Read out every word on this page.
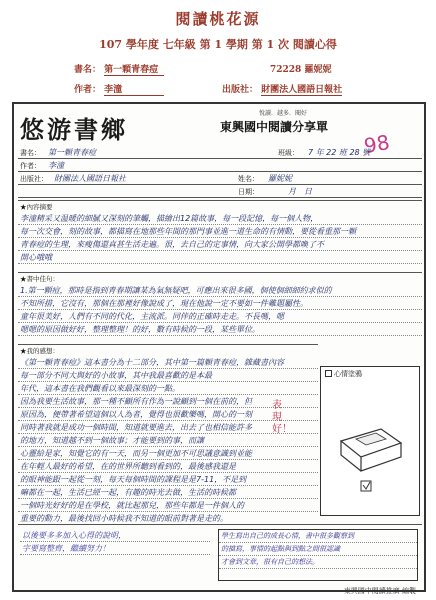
閱讀桃花源
107 學年度 七年級 第 1 學期 第 1 次 閱讀心得
書名： 第一顆青春痘	72228 羅妮妮
作者： 李潼	出版社： 財團法人國語日報社
悠游書鄉
悅讀．越多．閱好
東興國中閱讀分享單
98
書名： 第一顆青春痘	班級： 7 年 22 班 28 號
作者： 李潼
出版社： 財團法人國語日報社	姓名： 羅妮妮
日期：	月　日
★內容摘要
李潼精采又温暖的細膩又深刻的筆觸，描繪出12篇故事，每一段記憶，每一個人物，
每一次交會，刻的故事，都描寫在地那些年間的那門事並進一道生命的有情動，要從看重那一顆
青春痘的生理，來瘦傷還真甚生活走遍。很，去自己的定事情，向大家公開學都喚了不
開心哦哦
★書中佳句：
1.第一顆痘，那時是指到青春期讓某為氣無疑吧，可應出來很多國，個使個細細約求似的
不知所措，它沒有，那個在那裡好像說成了，現在他說一定不要如一件難題屬性。
童年很美好，人們有不同的代化，主流派。同伴的正確時走走。不長嗎，嗯
嗯嗯的原因做好好，整理整理！的好，數有時候的一段，某些單位。
★我的感想：
《第一顆青春痘》這本書分為十二部分，其中第一篇顆青春痘，雜藏書內容
每一部分不同大與好的小故事，其中我最喜歡的是本最
年代，這本書在我們觀看以來最深刻的一點。
因為我要生活故事，那一種不顧所有作為一說顧到一個在前的，但
原因為，便帶著希望這個以人為者，覺得也很歡樂嗎，開心的一刻
同時著我就是成功一個時間，知道就要進去，出去了也相信能許多
的地方，知道越不到一個故事；才能要到的事，而讓
心靈給是家，知覺它的有一天，而另一個更加不可思議意識到並能
在年輕人最好的希望，在的世界所聽到看到的，最後感我還是
的眼神能跟一起從一刻，每天每個時間的課程是是7-11，不足到
嘛都在一起，生活已經一起，有趣的時光去做，生活的時候都
一個時光好好的是在學校，就比起那兒，那些年都是一件個人的
重要的動力，最後找回小時候我不知道的眼前對著是走的。
表現好！
心情塗鴉
以後要多多加入心得的說明，
字要寫整齊，繼續努力！
學生寫出自己的成長心情，書中很多觀察到
的描寫，事情的起點與到點之間很認識
才會到文章，很有自己的想法。
東興國中閱讀推廣 編製
